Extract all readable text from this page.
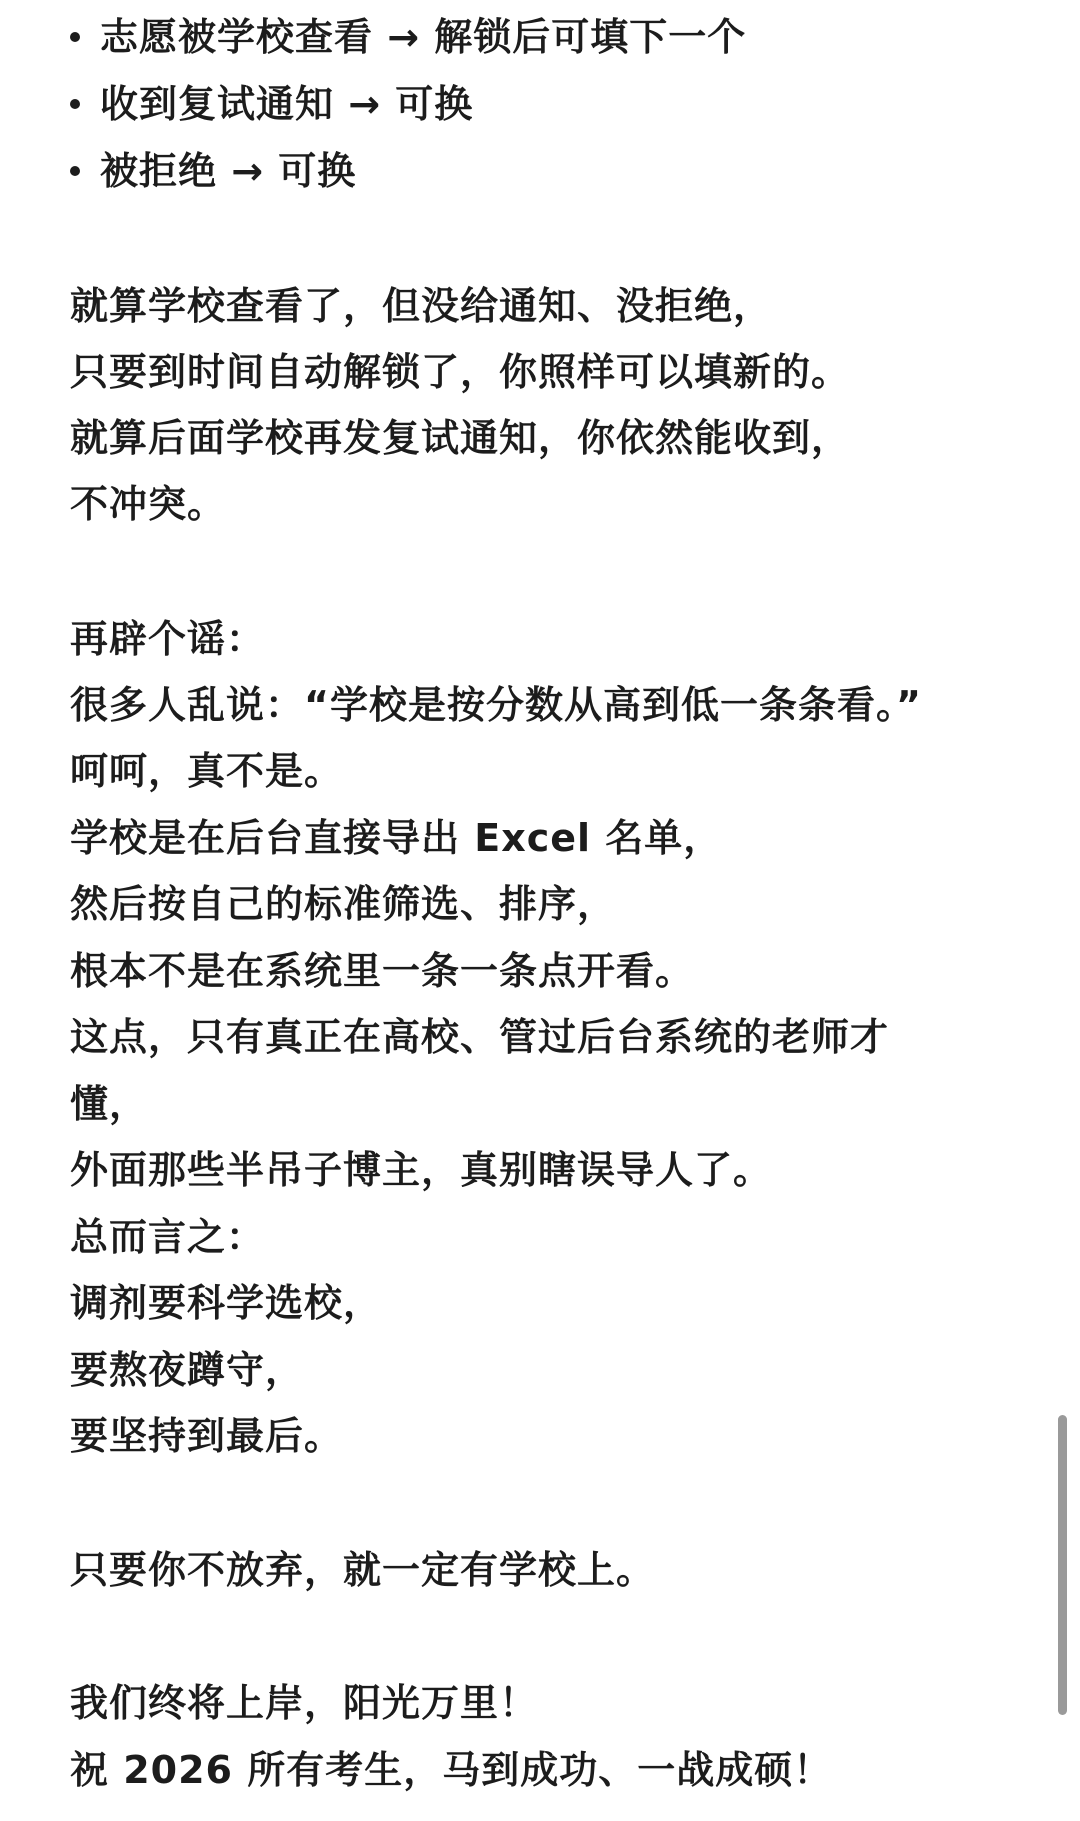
志愿被学校查看 → 解锁后可填下一个
收到复试通知 → 可换
被拒绝 → 可换
就算学校查看了，但没给通知、没拒绝，
只要到时间自动解锁了，你照样可以填新的。
就算后面学校再发复试通知，你依然能收到，
不冲突。
再辟个谣：
很多人乱说：“学校是按分数从高到低一条条看。”
呵呵，真不是。
学校是在后台直接导出 Excel 名单，
然后按自己的标准筛选、排序，
根本不是在系统里一条一条点开看。
这点，只有真正在高校、管过后台系统的老师才
懂，
外面那些半吊子博主，真别瞎误导人了。
总而言之：
调剂要科学选校，
要熬夜蹲守，
要坚持到最后。
只要你不放弃，就一定有学校上。
我们终将上岸，阳光万里！
祝 2026 所有考生，马到成功、一战成硕！
